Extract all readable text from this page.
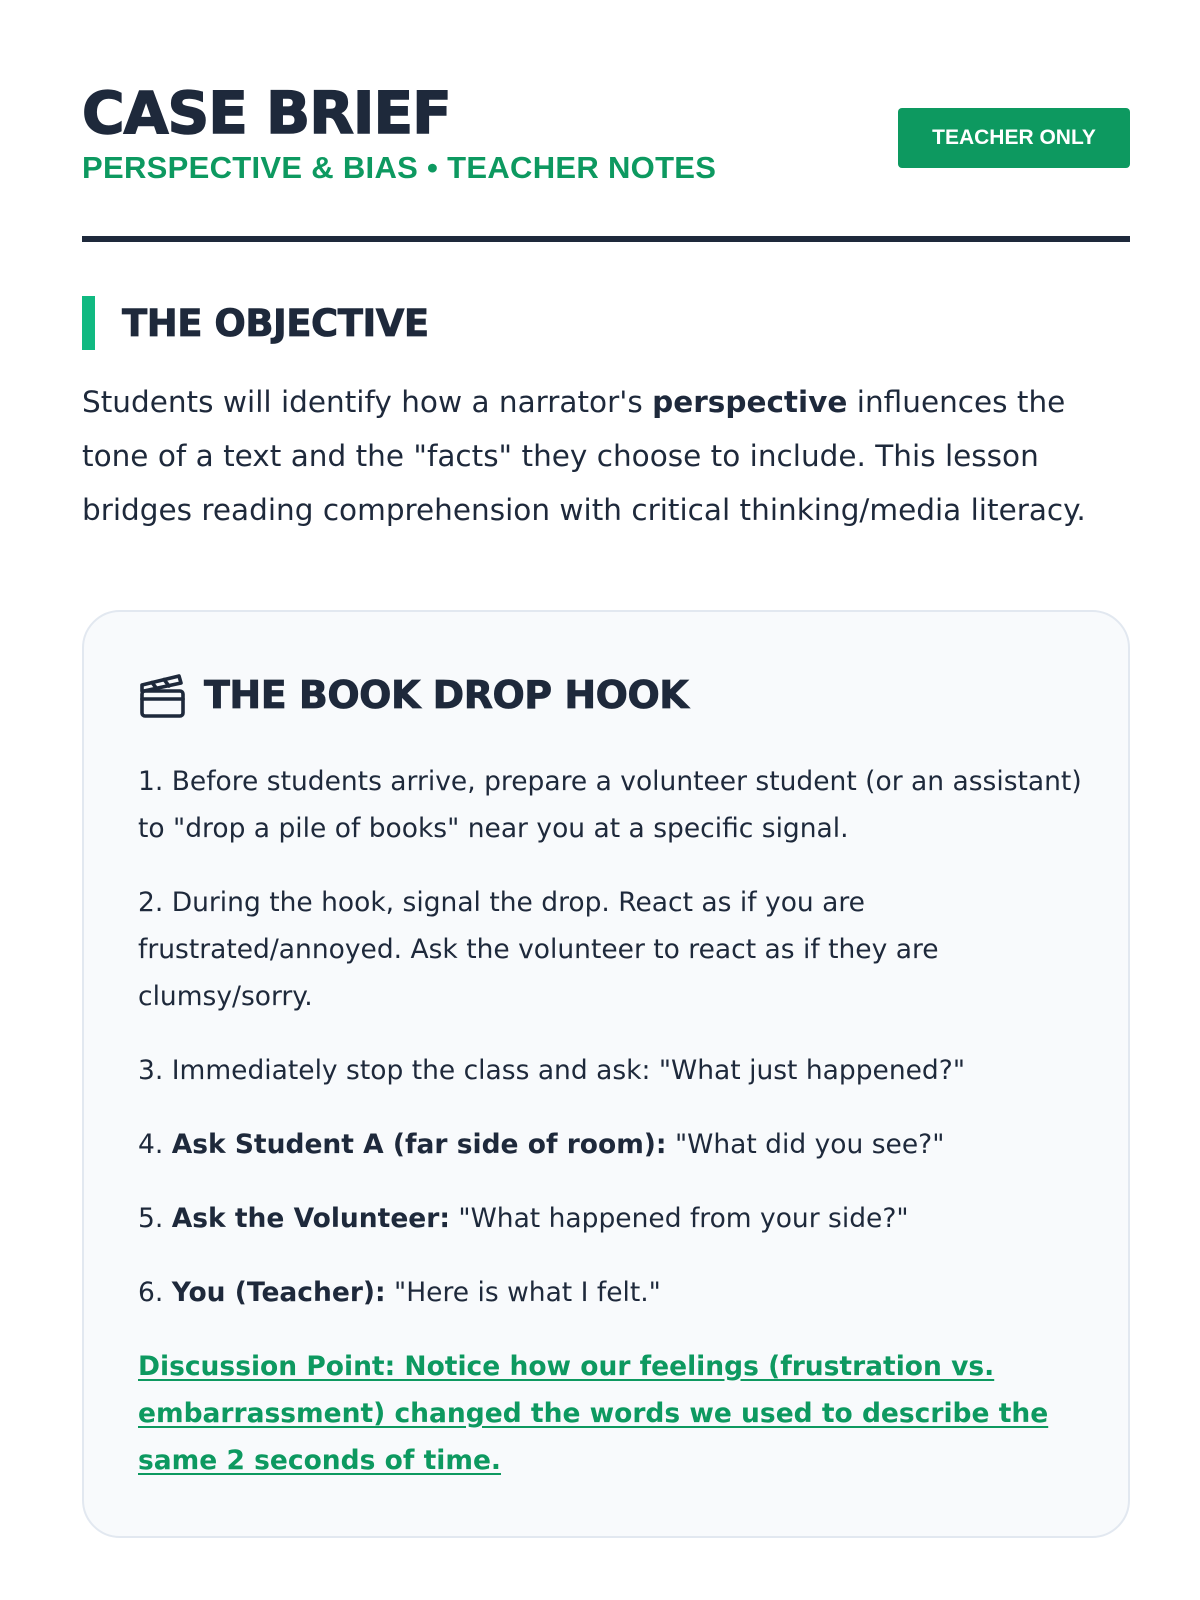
CASE BRIEF
PERSPECTIVE & BIAS • TEACHER NOTES
TEACHER ONLY
THE OBJECTIVE

Students will identify how a narrator's perspective influences the tone of a text and the "facts" they choose to include. This lesson bridges reading comprehension with critical thinking/media literacy.

THE BOOK DROP HOOK

1. Before students arrive, prepare a volunteer student (or an assistant) to "drop a pile of books" near you at a specific signal.

2. During the hook, signal the drop. React as if you are frustrated/annoyed. Ask the volunteer to react as if they are clumsy/sorry.

3. Immediately stop the class and ask: "What just happened?"

4. Ask Student A (far side of room): "What did you see?"

5. Ask the Volunteer: "What happened from your side?"

6. You (Teacher): "Here is what I felt."

Discussion Point: Notice how our feelings (frustration vs. embarrassment) changed the words we used to describe the same 2 seconds of time.
